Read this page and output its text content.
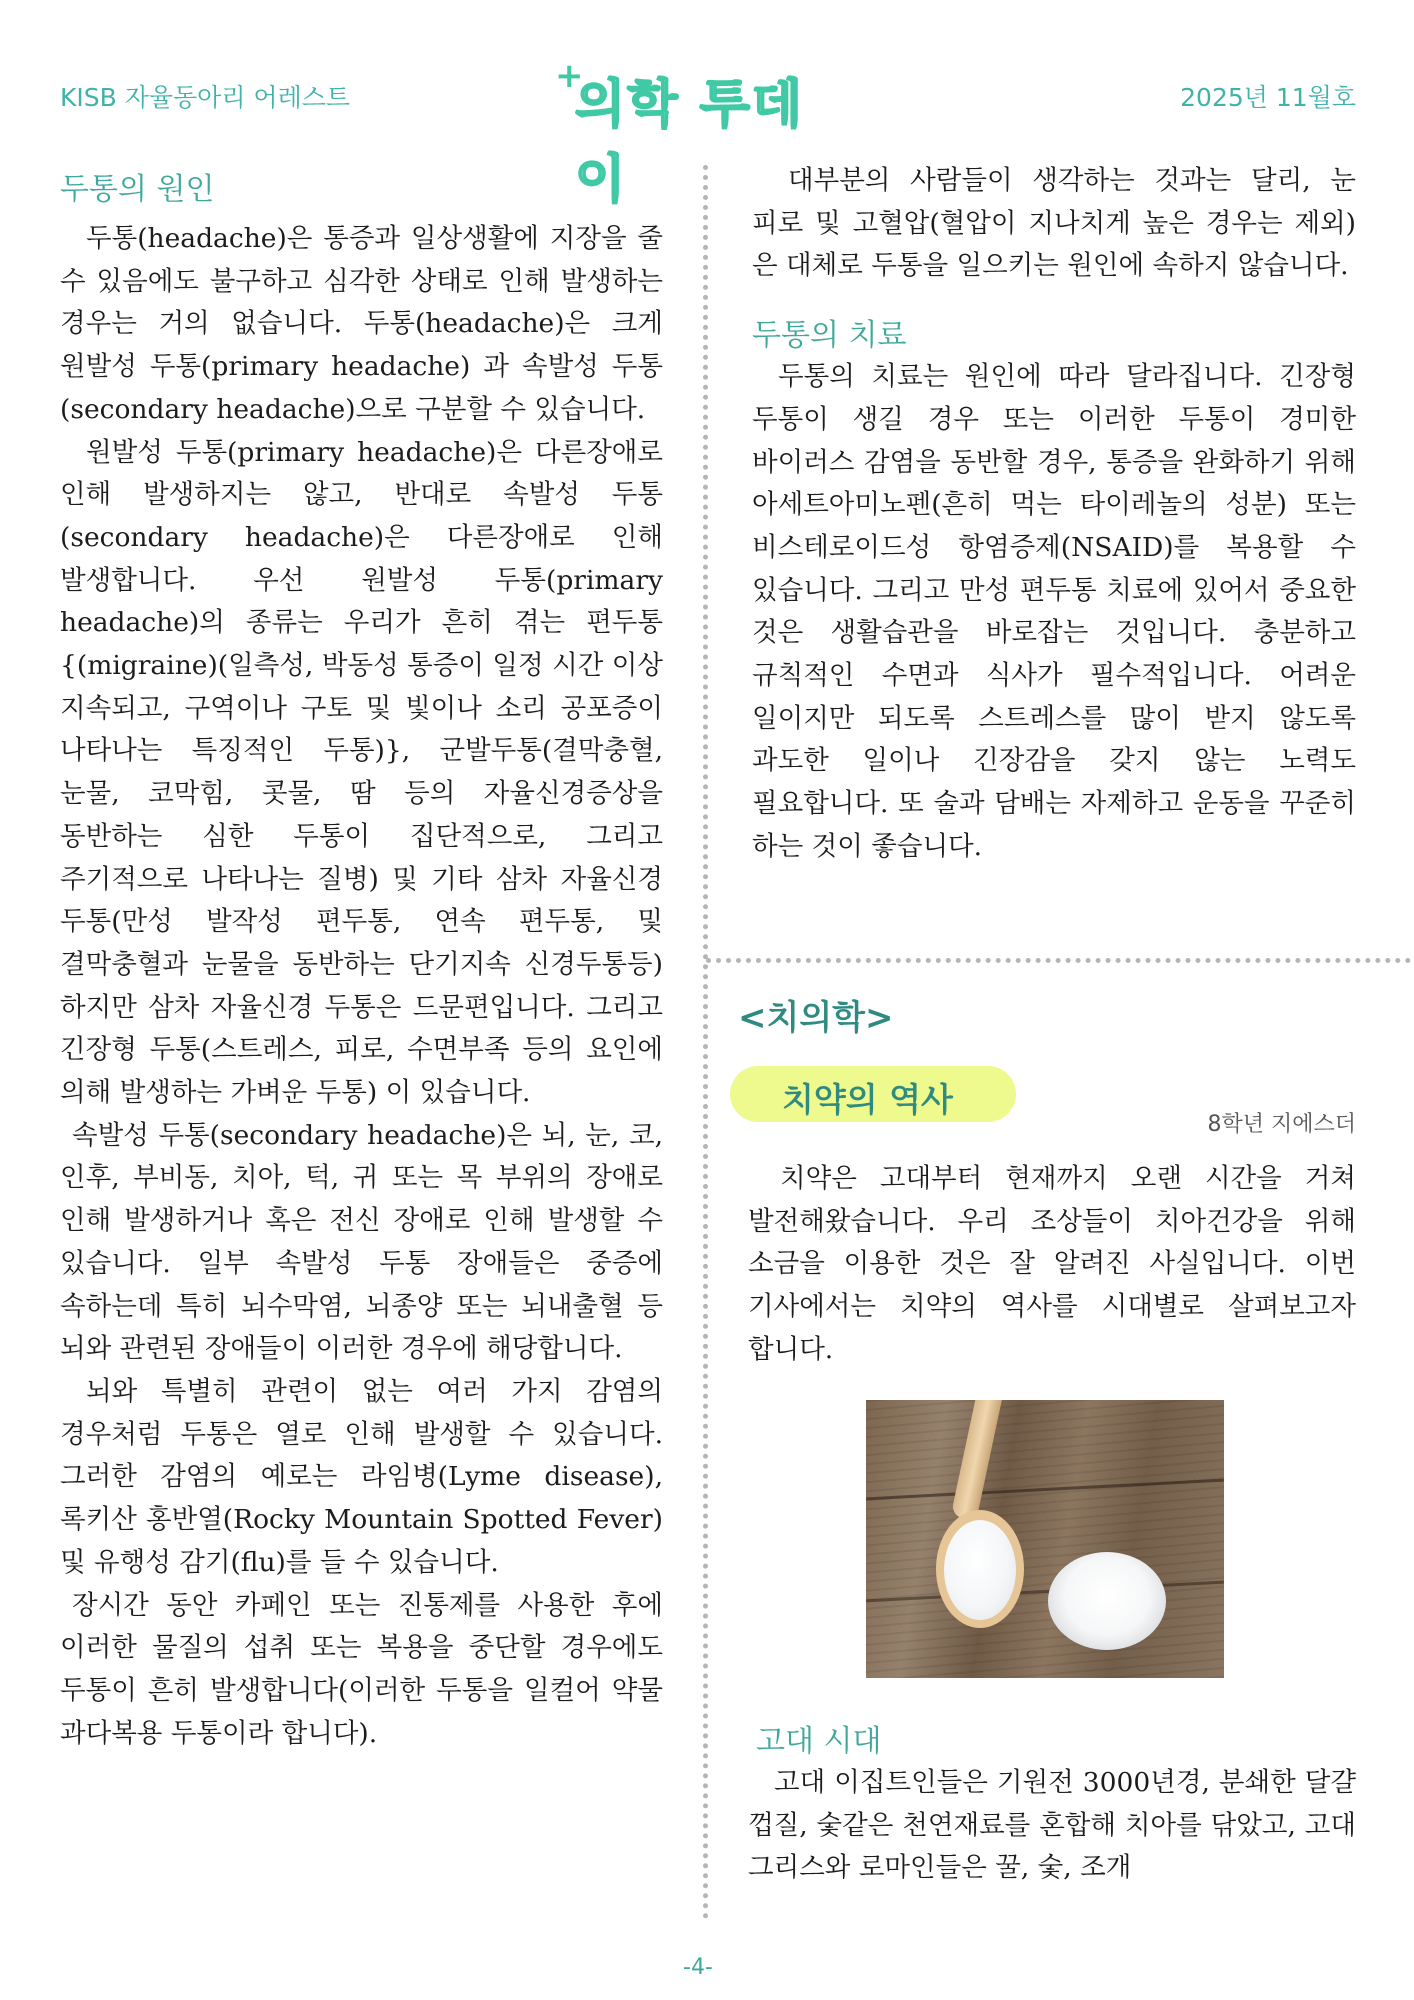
KISB 자율동아리 어레스트
+
의학 투데이
2025년 11월호
두통의 원인

두통(headache)은 통증과 일상생활에 지장을 줄 수 있음에도 불구하고 심각한 상태로 인해 발생하는 경우는 거의 없습니다. 두통(headache)은 크게 원발성 두통(primary headache) 과 속발성 두통(secondary headache)으로 구분할 수 있습니다.

원발성 두통(primary headache)은 다른장애로 인해 발생하지는 않고, 반대로 속발성 두통(secondary headache)은 다른장애로 인해 발생합니다. 우선 원발성 두통(primary headache)의 종류는 우리가 흔히 겪는 편두통{(migraine)(일측성, 박동성 통증이 일정 시간 이상 지속되고, 구역이나 구토 및 빛이나 소리 공포증이 나타나는 특징적인 두통)}, 군발두통(결막충혈, 눈물, 코막힘, 콧물, 땀 등의 자율신경증상을 동반하는 심한 두통이 집단적으로, 그리고 주기적으로 나타나는 질병) 및 기타 삼차 자율신경 두통(만성 발작성 편두통, 연속 편두통, 및 결막충혈과 눈물을 동반하는 단기지속 신경두통등) 하지만 삼차 자율신경 두통은 드문편입니다. 그리고 긴장형 두통(스트레스, 피로, 수면부족 등의 요인에 의해 발생하는 가벼운 두통) 이 있습니다.

속발성 두통(secondary headache)은 뇌, 눈, 코, 인후, 부비동, 치아, 턱, 귀 또는 목 부위의 장애로 인해 발생하거나 혹은 전신 장애로 인해 발생할 수 있습니다. 일부 속발성 두통 장애들은 중증에 속하는데 특히 뇌수막염, 뇌종양 또는 뇌내출혈 등 뇌와 관련된 장애들이 이러한 경우에 해당합니다.

뇌와 특별히 관련이 없는 여러 가지 감염의 경우처럼 두통은 열로 인해 발생할 수 있습니다. 그러한 감염의 예로는 라임병(Lyme disease), 록키산 홍반열(Rocky Mountain Spotted Fever) 및 유행성 감기(flu)를 들 수 있습니다.

장시간 동안 카페인 또는 진통제를 사용한 후에 이러한 물질의 섭취 또는 복용을 중단할 경우에도 두통이 흔히 발생합니다(이러한 두통을 일컬어 약물 과다복용 두통이라 합니다).

대부분의 사람들이 생각하는 것과는 달리, 눈 피로 및 고혈압(혈압이 지나치게 높은 경우는 제외)은 대체로 두통을 일으키는 원인에 속하지 않습니다.

두통의 치료

두통의 치료는 원인에 따라 달라집니다. 긴장형 두통이 생길 경우 또는 이러한 두통이 경미한 바이러스 감염을 동반할 경우, 통증을 완화하기 위해 아세트아미노펜(흔히 먹는 타이레놀의 성분) 또는 비스테로이드성 항염증제(NSAID)를 복용할 수 있습니다. 그리고 만성 편두통 치료에 있어서 중요한 것은 생활습관을 바로잡는 것입니다. 충분하고 규칙적인 수면과 식사가 필수적입니다. 어려운 일이지만 되도록 스트레스를 많이 받지 않도록 과도한 일이나 긴장감을 갖지 않는 노력도 필요합니다. 또 술과 담배는 자제하고 운동을 꾸준히 하는 것이 좋습니다.

<치의학>
치약의 역사
8학년 지에스더

치약은 고대부터 현재까지 오랜 시간을 거쳐 발전해왔습니다. 우리 조상들이 치아건강을 위해 소금을 이용한 것은 잘 알려진 사실입니다. 이번 기사에서는 치약의 역사를 시대별로 살펴보고자 합니다.

고대 시대

고대 이집트인들은 기원전 3000년경, 분쇄한 달걀 껍질, 숯같은 천연재료를 혼합해 치아를 닦았고, 고대 그리스와 로마인들은 꿀, 숯, 조개

-4-
